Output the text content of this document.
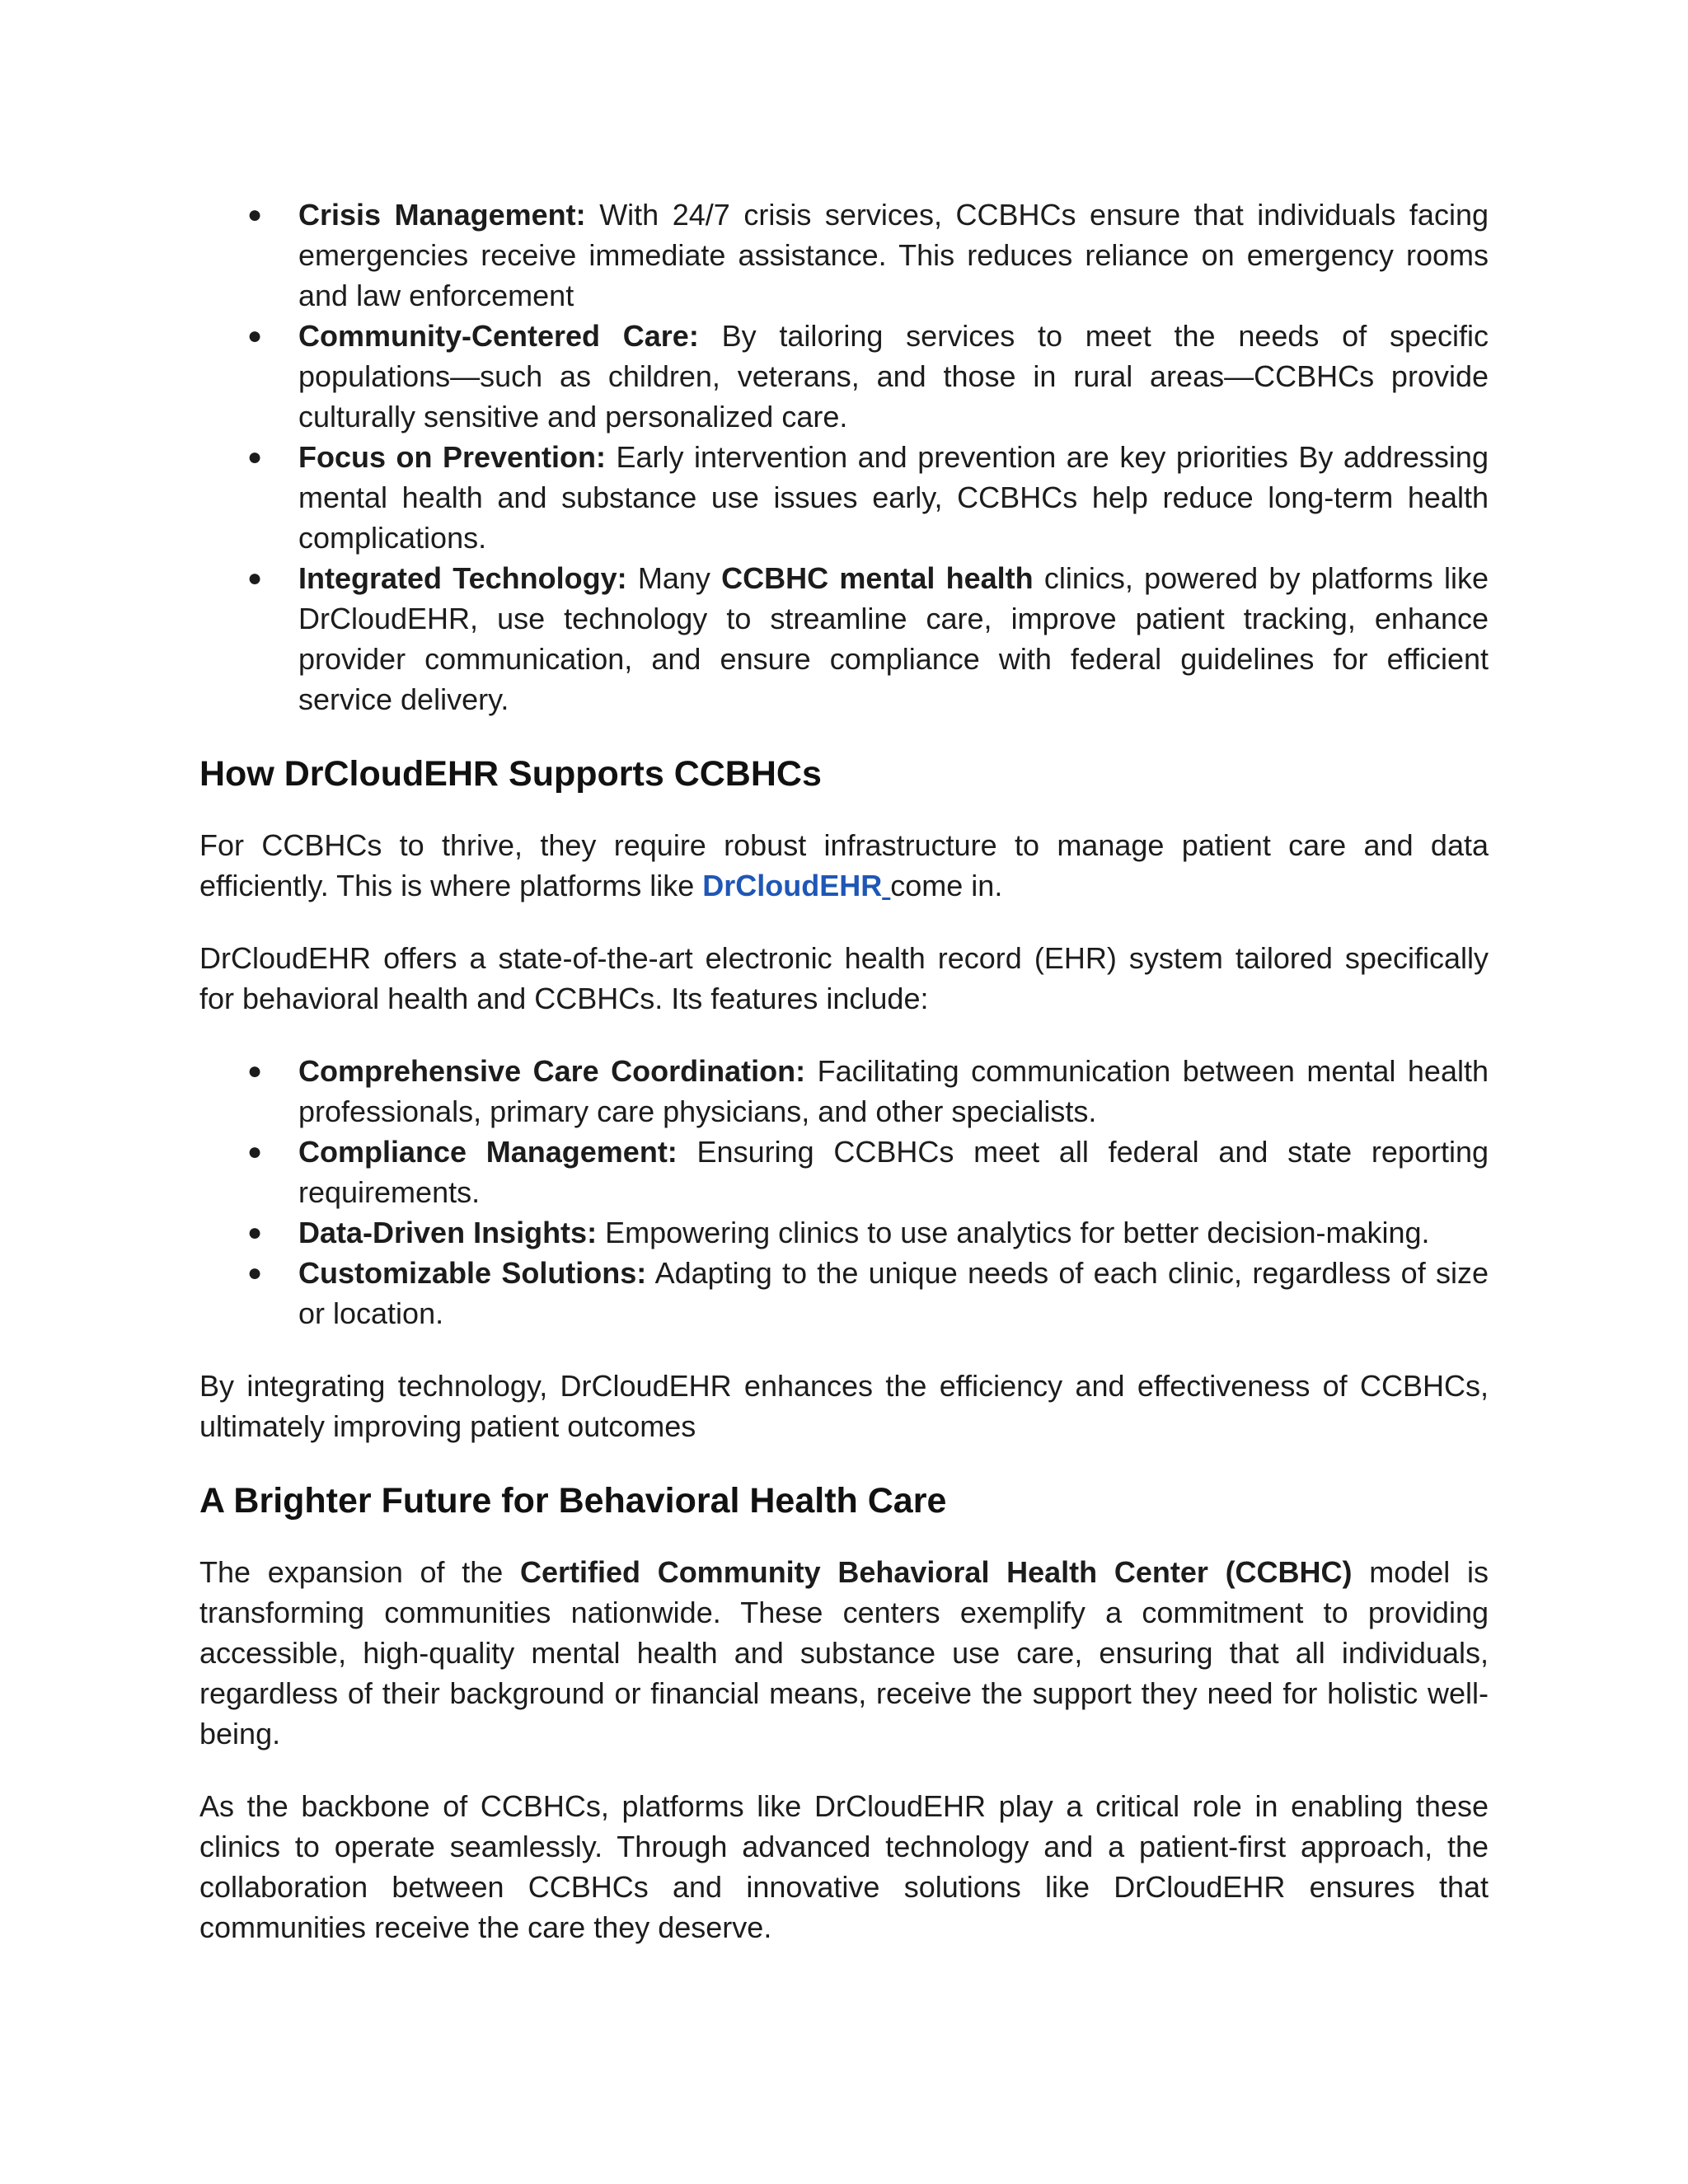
● Crisis Management: With 24/7 crisis services, CCBHCs ensure that individuals facing emergencies receive immediate assistance. This reduces reliance on emergency rooms and law enforcement
● Community-Centered Care: By tailoring services to meet the needs of specific populations—such as children, veterans, and those in rural areas—CCBHCs provide culturally sensitive and personalized care.
● Focus on Prevention: Early intervention and prevention are key priorities By addressing mental health and substance use issues early, CCBHCs help reduce long-term health complications.
● Integrated Technology: Many CCBHC mental health clinics, powered by platforms like DrCloudEHR, use technology to streamline care, improve patient tracking, enhance provider communication, and ensure compliance with federal guidelines for efficient service delivery.
How DrCloudEHR Supports CCBHCs

For CCBHCs to thrive, they require robust infrastructure to manage patient care and data efficiently. This is where platforms like DrCloudEHR come in.

DrCloudEHR offers a state-of-the-art electronic health record (EHR) system tailored specifically for behavioral health and CCBHCs. Its features include:

● Comprehensive Care Coordination: Facilitating communication between mental health professionals, primary care physicians, and other specialists.
● Compliance Management: Ensuring CCBHCs meet all federal and state reporting requirements.
● Data-Driven Insights: Empowering clinics to use analytics for better decision-making.
● Customizable Solutions: Adapting to the unique needs of each clinic, regardless of size or location.

By integrating technology, DrCloudEHR enhances the efficiency and effectiveness of CCBHCs, ultimately improving patient outcomes

A Brighter Future for Behavioral Health Care

The expansion of the Certified Community Behavioral Health Center (CCBHC) model is transforming communities nationwide. These centers exemplify a commitment to providing accessible, high-quality mental health and substance use care, ensuring that all individuals, regardless of their background or financial means, receive the support they need for holistic well-being.

As the backbone of CCBHCs, platforms like DrCloudEHR play a critical role in enabling these clinics to operate seamlessly. Through advanced technology and a patient-first approach, the collaboration between CCBHCs and innovative solutions like DrCloudEHR ensures that communities receive the care they deserve.
